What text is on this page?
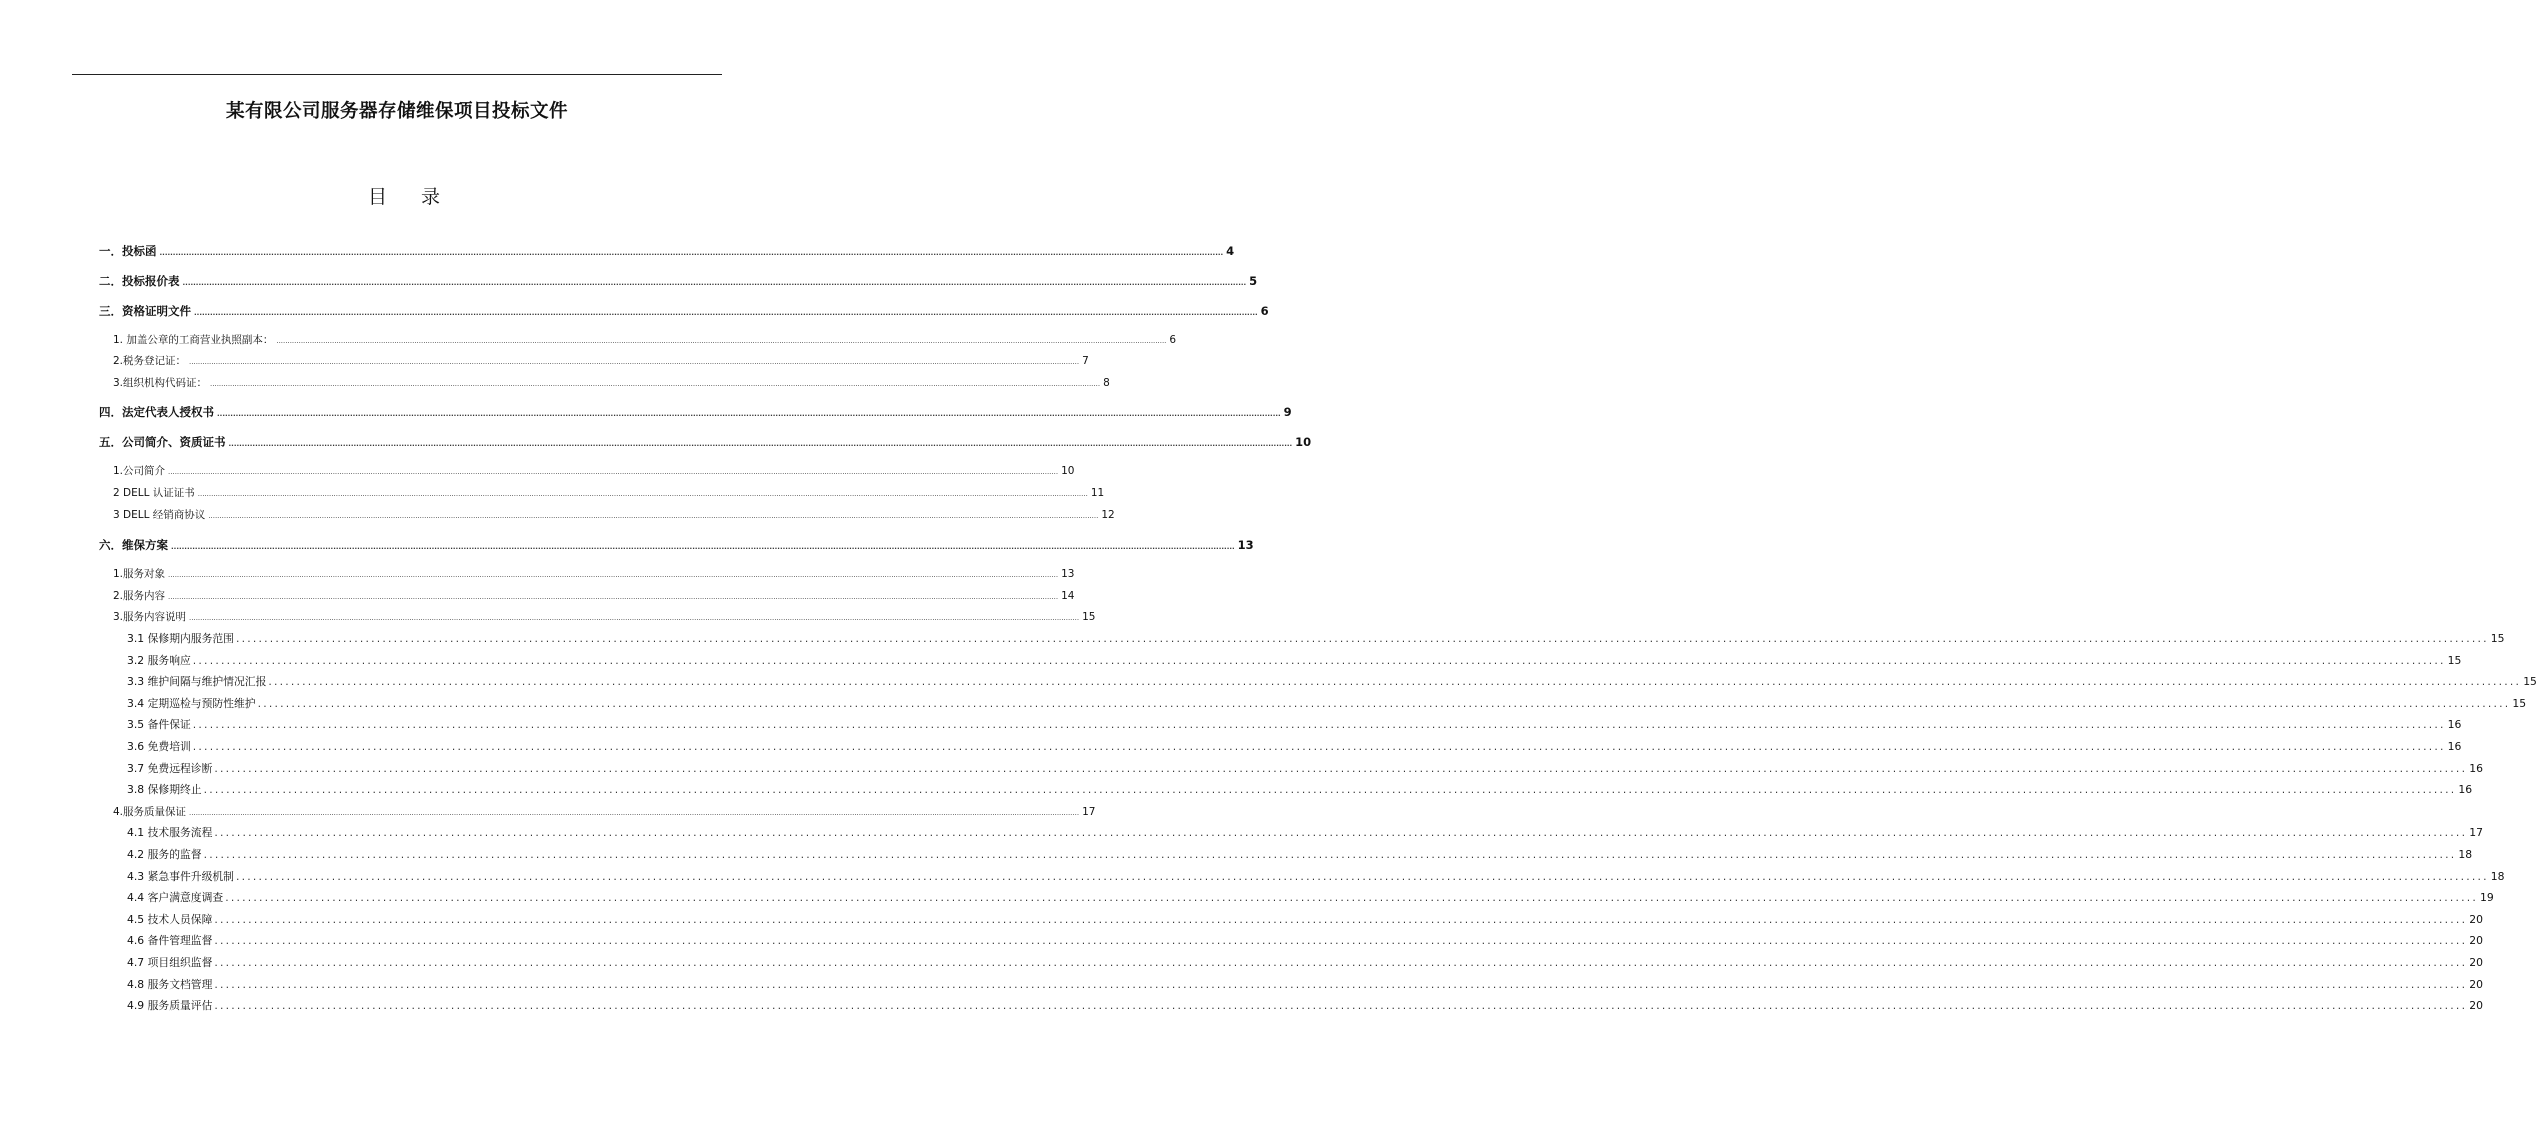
某有限公司服务器存储维保项目投标文件
目 录
一．投标函 ................................................................................................................................................................................................................................................................................................................................................................................................................ 4
二．投标报价表 ................................................................................................................................................................................................................................................................................................................................................................................................................ 5
三．资格证明文件 ................................................................................................................................................................................................................................................................................................................................................................................................................ 6
1. 加盖公章的工商营业执照副本： ................................................................................................................................................................................................................................................................................................................................................................................................................ 6
2.税务登记证： ................................................................................................................................................................................................................................................................................................................................................................................................................ 7
3.组织机构代码证： ................................................................................................................................................................................................................................................................................................................................................................................................................ 8
四．法定代表人授权书 ................................................................................................................................................................................................................................................................................................................................................................................................................ 9
五．公司简介、资质证书 ................................................................................................................................................................................................................................................................................................................................................................................................................ 10
1.公司简介 ................................................................................................................................................................................................................................................................................................................................................................................................................ 10
2 DELL 认证证书 ................................................................................................................................................................................................................................................................................................................................................................................................................ 11
3 DELL 经销商协议 ................................................................................................................................................................................................................................................................................................................................................................................................................ 12
六．维保方案 ................................................................................................................................................................................................................................................................................................................................................................................................................ 13
1.服务对象 ................................................................................................................................................................................................................................................................................................................................................................................................................ 13
2.服务内容 ................................................................................................................................................................................................................................................................................................................................................................................................................ 14
3.服务内容说明 ................................................................................................................................................................................................................................................................................................................................................................................................................ 15
3.1 保修期内服务范围 ................................................................................................................................................................................................................................................................................................................................................................................................................ 15
3.2 服务响应 ................................................................................................................................................................................................................................................................................................................................................................................................................ 15
3.3 维护间隔与维护情况汇报 ................................................................................................................................................................................................................................................................................................................................................................................................................ 15
3.4 定期巡检与预防性维护 ................................................................................................................................................................................................................................................................................................................................................................................................................ 15
3.5 备件保证 ................................................................................................................................................................................................................................................................................................................................................................................................................ 16
3.6 免费培训 ................................................................................................................................................................................................................................................................................................................................................................................................................ 16
3.7 免费远程诊断 ................................................................................................................................................................................................................................................................................................................................................................................................................ 16
3.8 保修期终止 ................................................................................................................................................................................................................................................................................................................................................................................................................ 16
4.服务质量保证 ................................................................................................................................................................................................................................................................................................................................................................................................................ 17
4.1 技术服务流程 ................................................................................................................................................................................................................................................................................................................................................................................................................ 17
4.2 服务的监督 ................................................................................................................................................................................................................................................................................................................................................................................................................ 18
4.3 紧急事件升级机制 ................................................................................................................................................................................................................................................................................................................................................................................................................ 18
4.4 客户满意度调查 ................................................................................................................................................................................................................................................................................................................................................................................................................ 19
4.5 技术人员保障 ................................................................................................................................................................................................................................................................................................................................................................................................................ 20
4.6 备件管理监督 ................................................................................................................................................................................................................................................................................................................................................................................................................ 20
4.7 项目组织监督 ................................................................................................................................................................................................................................................................................................................................................................................................................ 20
4.8 服务文档管理 ................................................................................................................................................................................................................................................................................................................................................................................................................ 20
4.9 服务质量评估 ................................................................................................................................................................................................................................................................................................................................................................................................................ 20
